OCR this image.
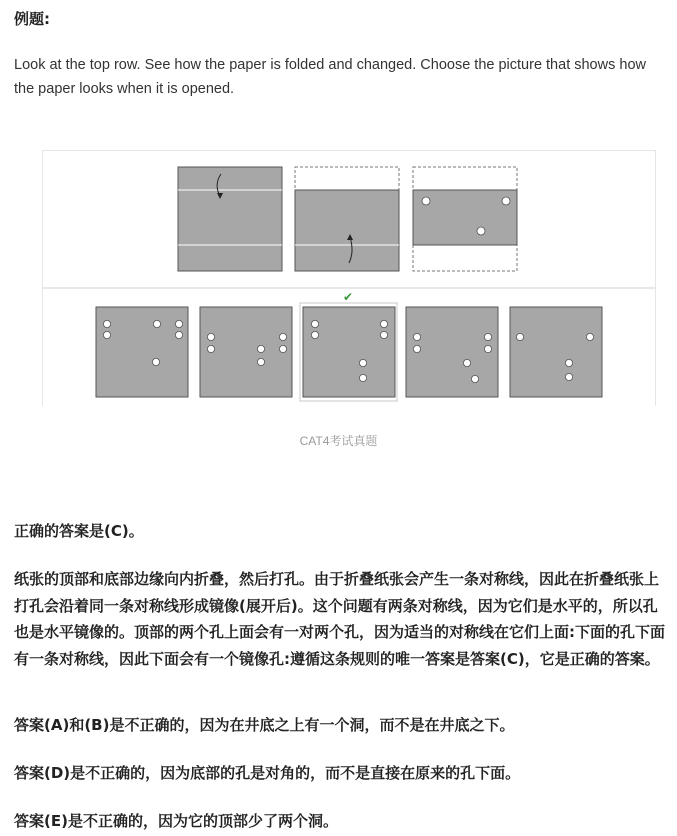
例题:
Look at the top row. See how the paper is folded and changed. Choose the picture that shows how the paper looks when it is opened.
✔
CAT4考试真题
正确的答案是(C)。
纸张的顶部和底部边缘向内折叠，然后打孔。由于折叠纸张会产生一条对称线，因此在折叠纸张上打孔会沿着同一条对称线形成镜像(展开后)。这个问题有两条对称线，因为它们是水平的，所以孔也是水平镜像的。顶部的两个孔上面会有一对两个孔，因为适当的对称线在它们上面:下面的孔下面有一条对称线，因此下面会有一个镜像孔:遵循这条规则的唯一答案是答案(C)，它是正确的答案。
答案(A)和(B)是不正确的，因为在井底之上有一个洞，而不是在井底之下。
答案(D)是不正确的，因为底部的孔是对角的，而不是直接在原来的孔下面。
答案(E)是不正确的，因为它的顶部少了两个洞。
